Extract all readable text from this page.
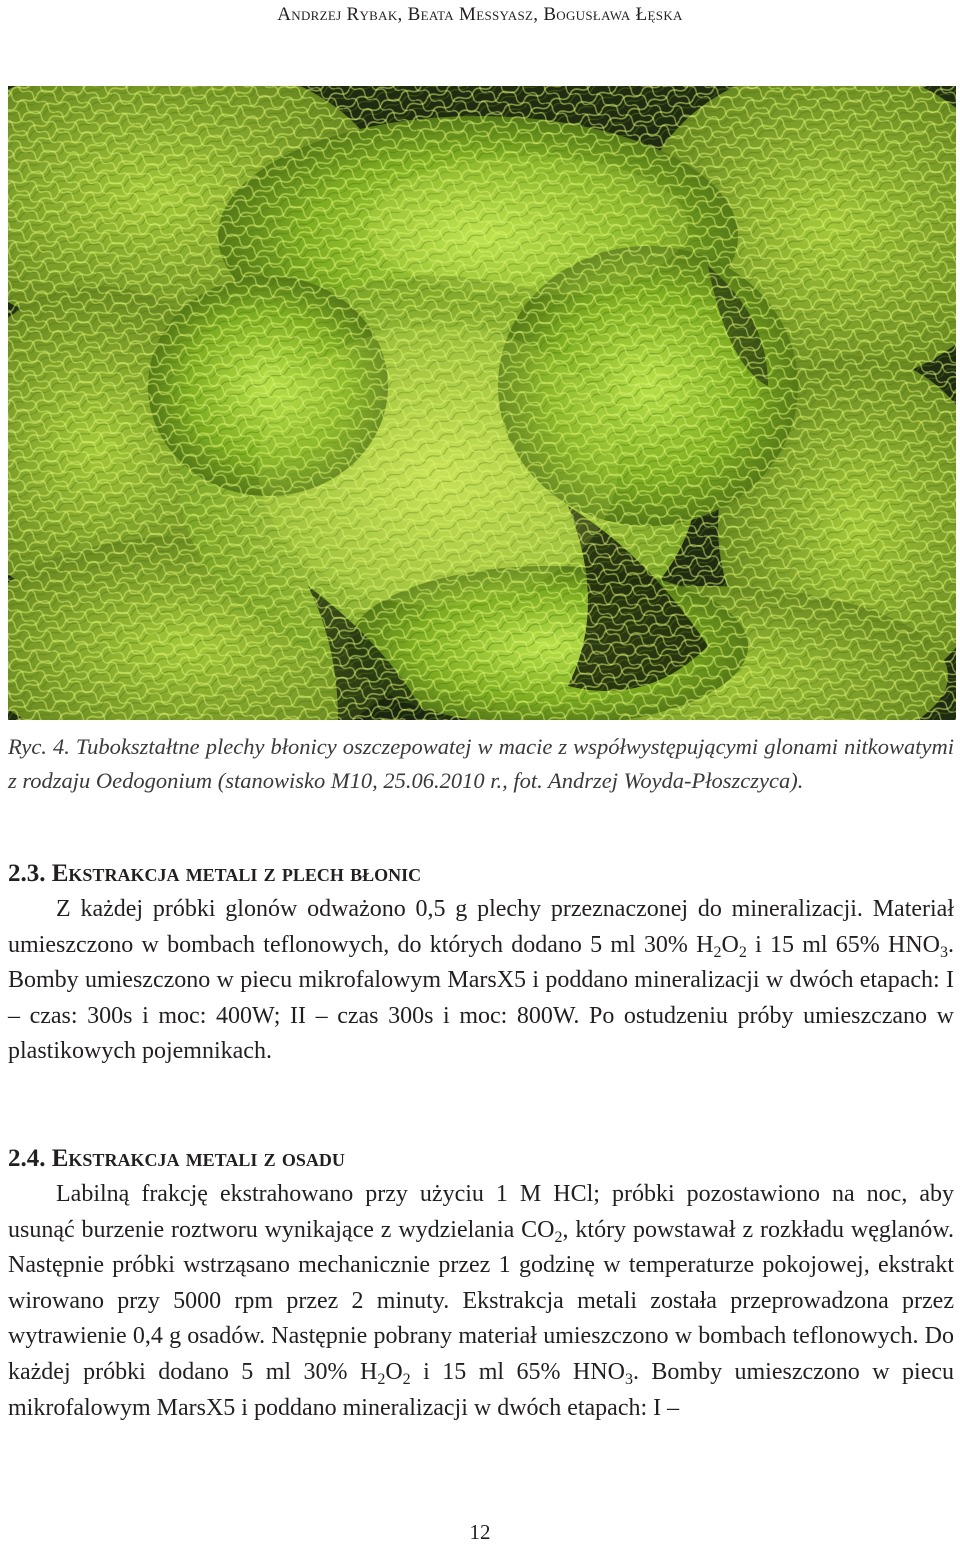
Andrzej Rybak, Beata Messyasz, Bogusława Łęska
Ryc. 4. Tubokształtne plechy błonicy oszczepowatej w macie z współwystępującymi glonami nitkowatymi z rodzaju Oedogonium (stanowisko M10, 25.06.2010 r., fot. Andrzej Woyda-Płoszczyca).

2.3. Ekstrakcja metali z plech błonic

Z każdej próbki glonów odważono 0,5 g plechy przeznaczonej do mineralizacji. Materiał umieszczono w bombach teflonowych, do których dodano 5 ml 30% $H_2O_2$ i 15 ml 65% $HNO_3$. Bomby umieszczono w piecu mikrofalowym MarsX5 i poddano mineralizacji w dwóch etapach: I – czas: 300s i moc: 400W; II – czas 300s i moc: 800W. Po ostudzeniu próby umieszczano w plastikowych pojemnikach.

2.4. Ekstrakcja metali z osadu

Labilną frakcję ekstrahowano przy użyciu 1 M HCl; próbki pozostawiono na noc, aby usunąć burzenie roztworu wynikające z wydzielania $CO_2$, który powstawał z rozkładu węglanów. Następnie próbki wstrząsano mechanicznie przez 1 godzinę w temperaturze pokojowej, ekstrakt wirowano przy 5000 rpm przez 2 minuty. Ekstrakcja metali została przeprowadzona przez wytrawienie 0,4 g osadów. Następnie pobrany materiał umieszczono w bombach teflonowych. Do każdej próbki dodano 5 ml 30% $H_2O_2$ i 15 ml 65% $HNO_3$. Bomby umieszczono w piecu mikrofalowym MarsX5 i poddano mineralizacji w dwóch etapach: I –

12
